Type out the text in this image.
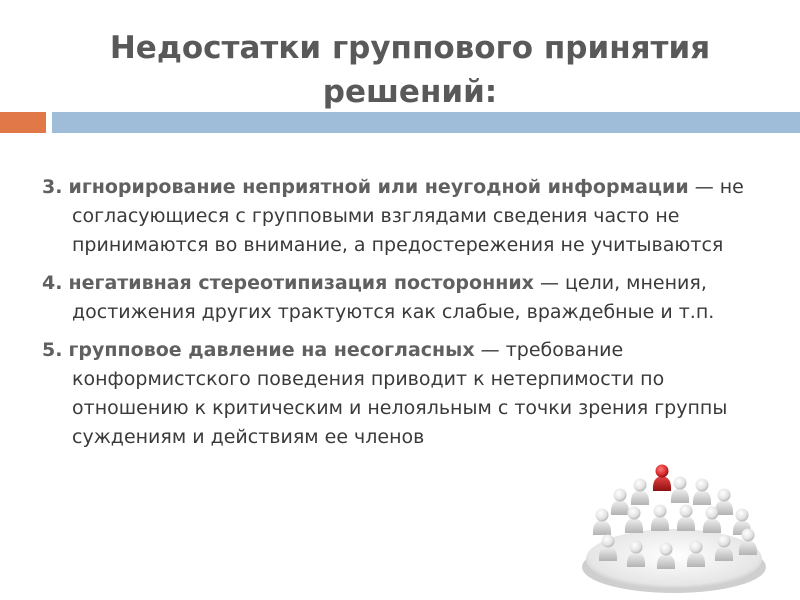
Недостатки группового принятия
решений:

3. игнорирование неприятной или неугодной информации — не согласующиеся с групповыми взглядами сведения часто не принимаются во внимание, а предостережения не учитываются

4. негативная стереотипизация посторонних — цели, мнения, достижения других трактуются как слабые, враждебные и т.п.

5. групповое давление на несогласных — требование конформистского поведения приводит к нетерпимости по отношению к критическим и нелояльным с точки зрения группы суждениям и действиям ее членов
